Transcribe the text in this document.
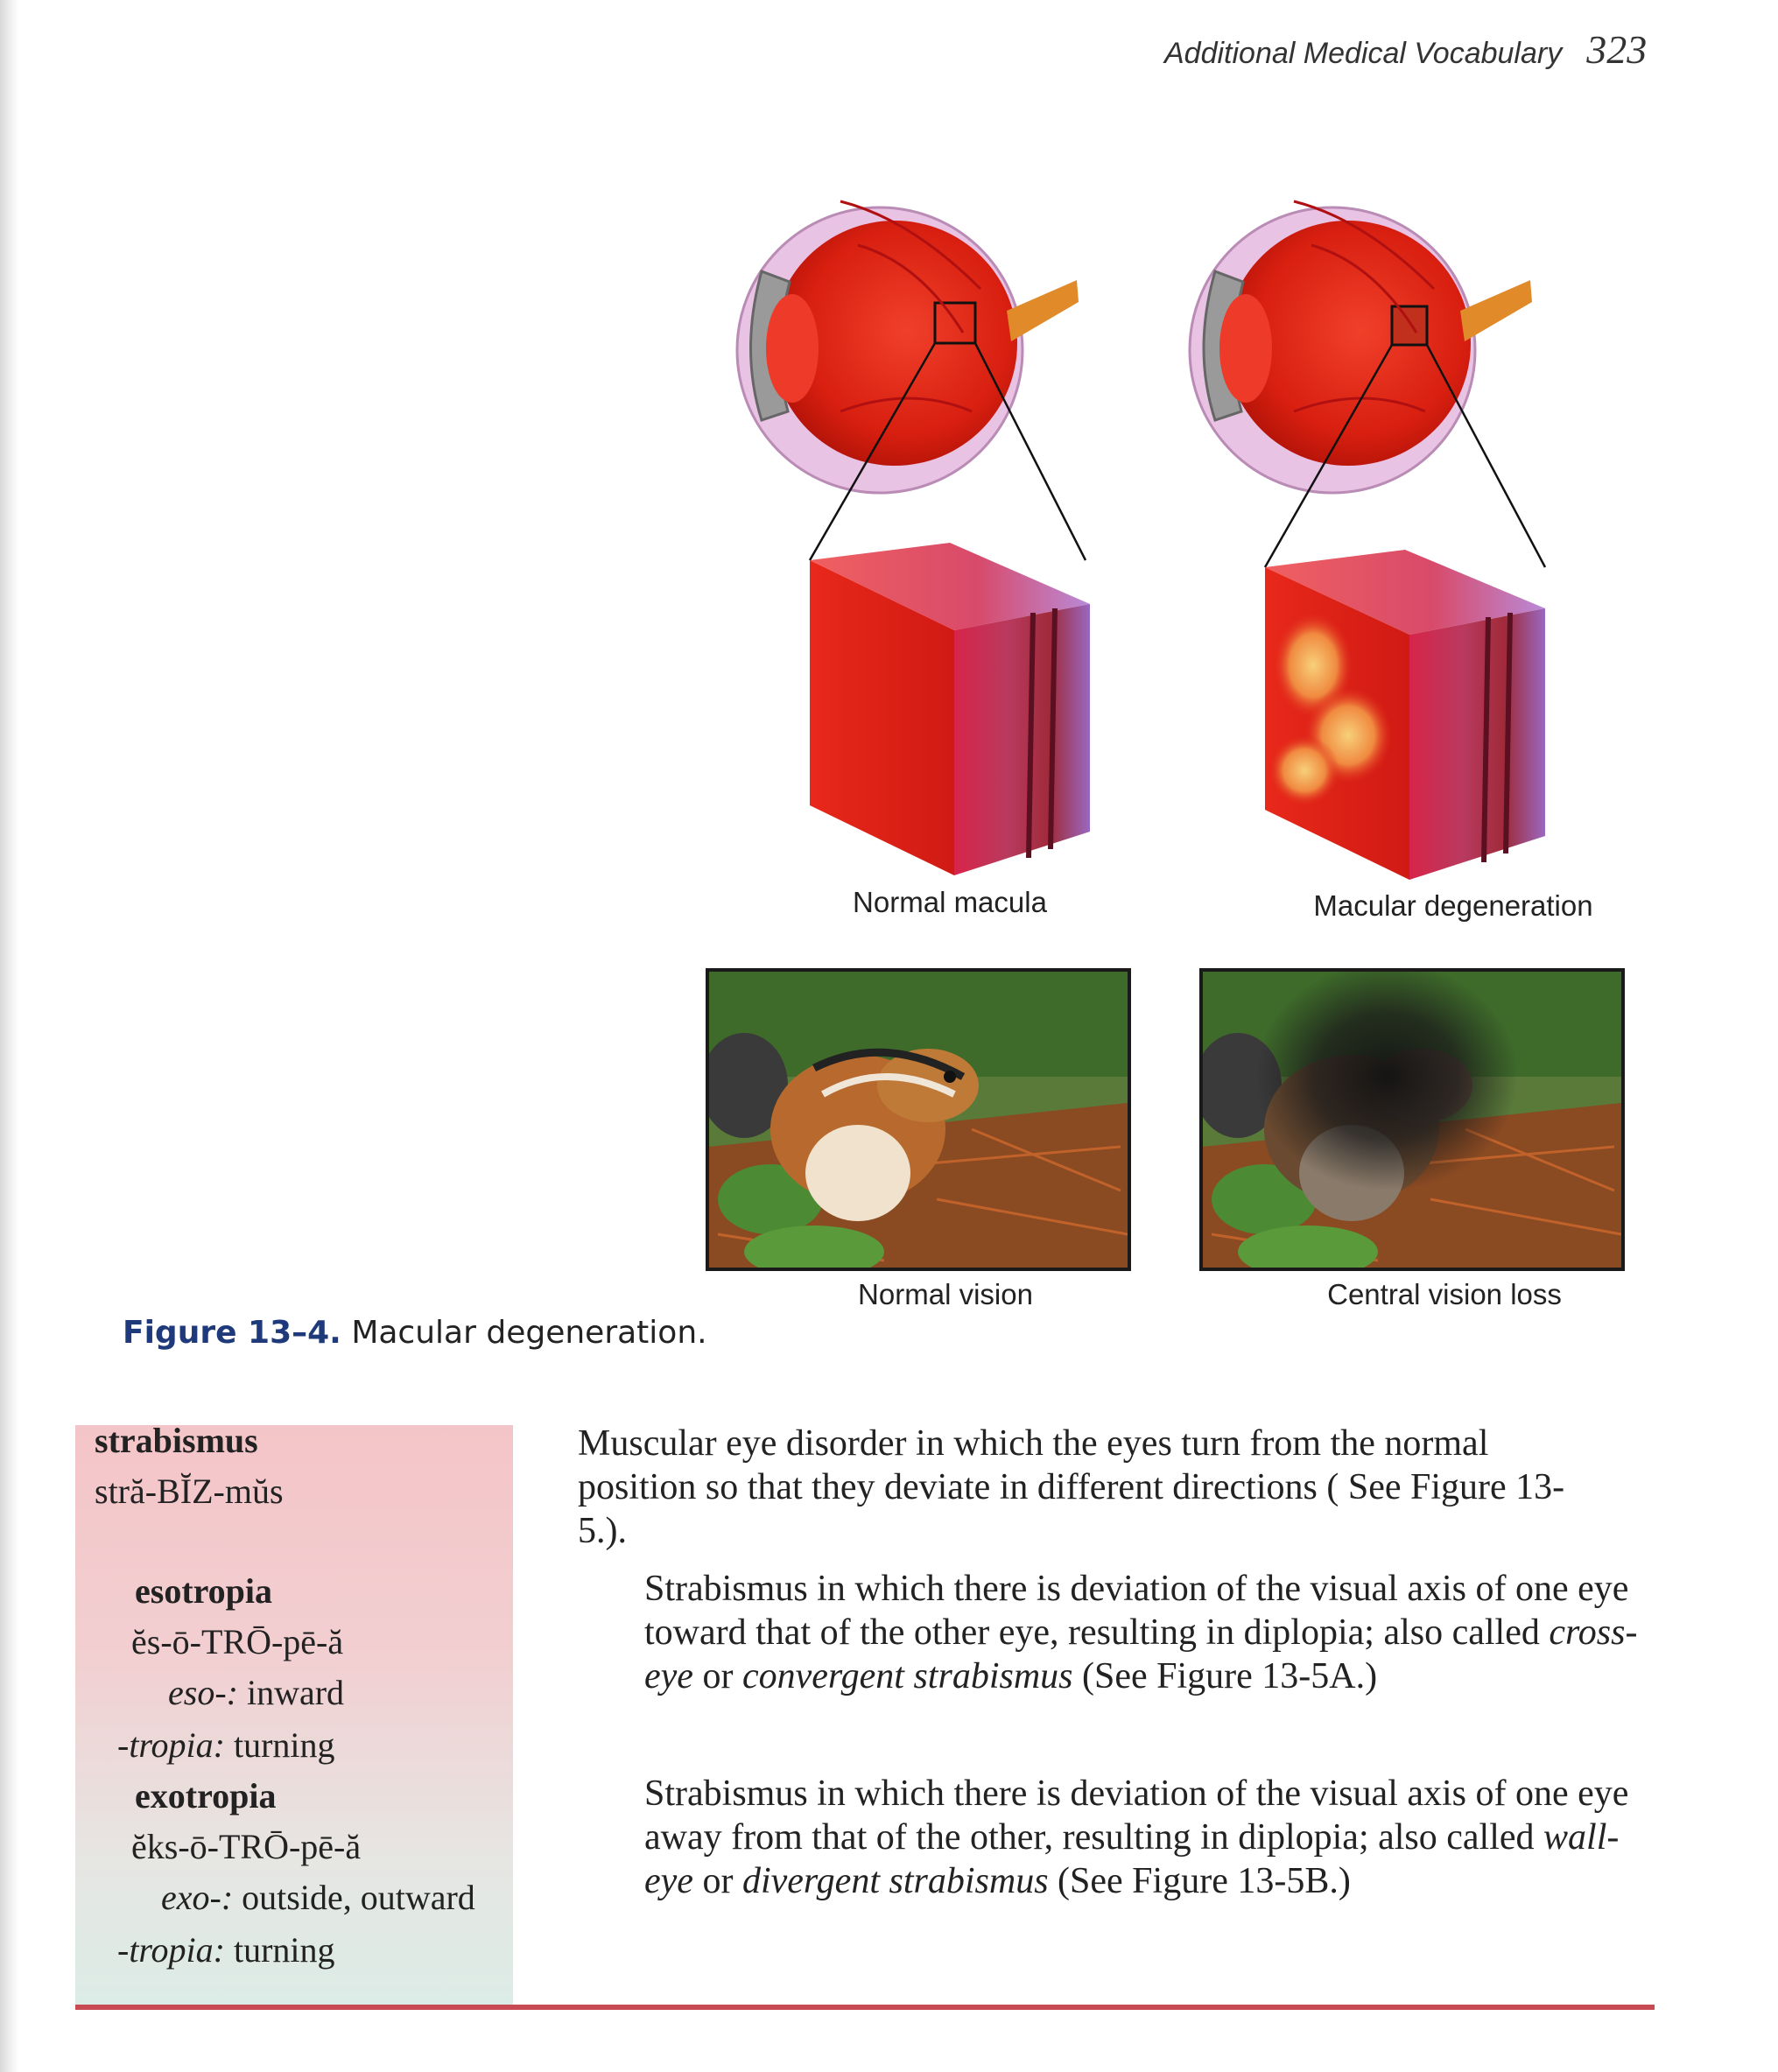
Additional Medical Vocabulary 323
Normal macula	Macular degeneration
Normal vision	Central vision loss
Figure 13–4. Macular degeneration.
strabismus
stră-BĬZ-mŭs
esotropia
ĕs-ō-TRŌ-pē-ă
eso-: inward
-tropia: turning
exotropia
ĕks-ō-TRŌ-pē-ă
exo-: outside, outward
-tropia: turning
Muscular eye disorder in which the eyes turn from the normal position so that they deviate in different directions ( See Figure 13-5.).
Strabismus in which there is deviation of the visual axis of one eye toward that of the other eye, resulting in diplopia; also called cross-eye or convergent strabismus (See Figure 13-5A.)
Strabismus in which there is deviation of the visual axis of one eye away from that of the other, resulting in diplopia; also called wall-eye or divergent strabismus (See Figure 13-5B.)
